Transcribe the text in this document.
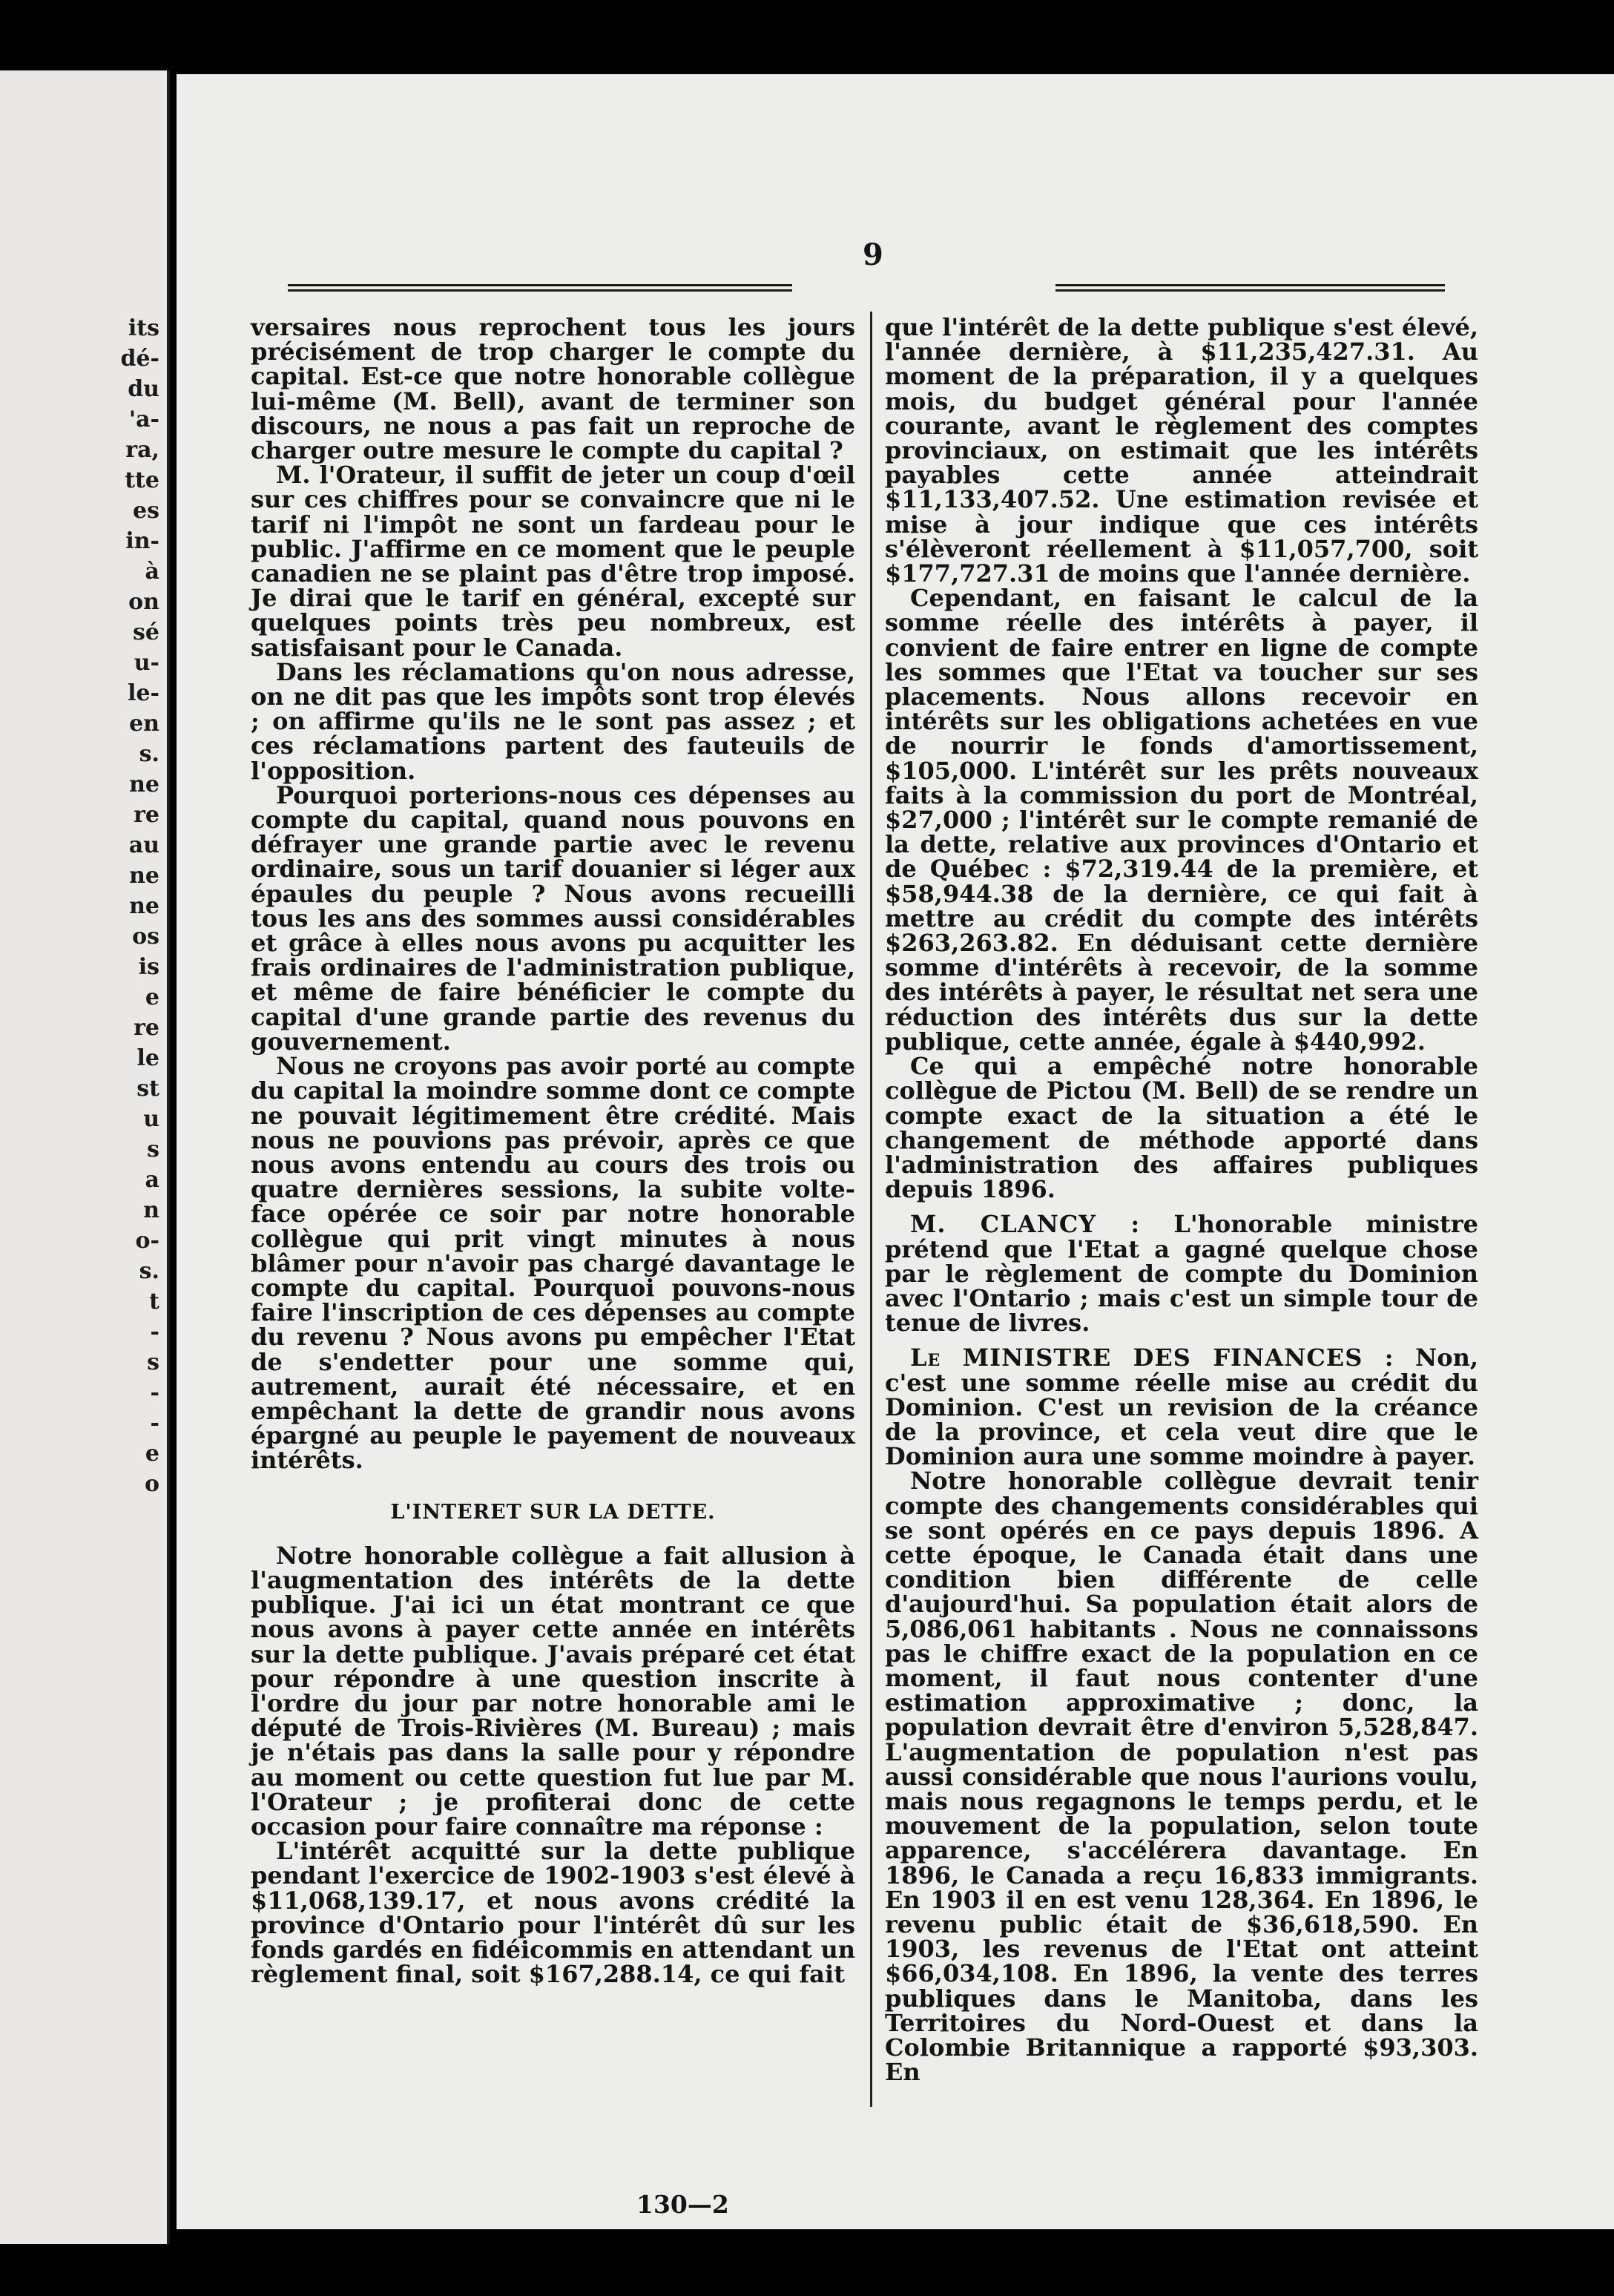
its
dé-
du
'a-
ra,
tte
es
in-
à
on
sé
u-
le-
en
s.
ne
re
au
ne
ne
os
is
e
re
le
st
u
s
a
n
o-
s.
t
-
s
-
-
e
o
9

versaires nous reprochent tous les jours précisément de trop charger le compte du capital. Est-ce que notre honorable collègue lui-même (M. Bell), avant de terminer son discours, ne nous a pas fait un reproche de charger outre mesure le compte du capital ?

M. l'Orateur, il suffit de jeter un coup d'œil sur ces chiffres pour se convaincre que ni le tarif ni l'impôt ne sont un fardeau pour le public. J'affirme en ce moment que le peuple canadien ne se plaint pas d'être trop imposé. Je dirai que le tarif en général, excepté sur quelques points très peu nombreux, est satisfaisant pour le Canada.

Dans les réclamations qu'on nous adresse, on ne dit pas que les impôts sont trop élevés ; on affirme qu'ils ne le sont pas assez ; et ces réclamations partent des fauteuils de l'opposition.

Pourquoi porterions-nous ces dépenses au compte du capital, quand nous pouvons en défrayer une grande partie avec le revenu ordinaire, sous un tarif douanier si léger aux épaules du peuple ? Nous avons recueilli tous les ans des sommes aussi considérables et grâce à elles nous avons pu acquitter les frais ordinaires de l'administration publique, et même de faire bénéficier le compte du capital d'une grande partie des revenus du gouvernement.

Nous ne croyons pas avoir porté au compte du capital la moindre somme dont ce compte ne pouvait légitimement être crédité. Mais nous ne pouvions pas prévoir, après ce que nous avons entendu au cours des trois ou quatre dernières sessions, la subite volte-face opérée ce soir par notre honorable collègue qui prit vingt minutes à nous blâmer pour n'avoir pas chargé davantage le compte du capital. Pourquoi pouvons-nous faire l'inscription de ces dépenses au compte du revenu ? Nous avons pu empêcher l'Etat de s'endetter pour une somme qui, autrement, aurait été nécessaire, et en empêchant la dette de grandir nous avons épargné au peuple le payement de nouveaux intérêts.

L'INTERET SUR LA DETTE.

Notre honorable collègue a fait allusion à l'augmentation des intérêts de la dette publique. J'ai ici un état montrant ce que nous avons à payer cette année en intérêts sur la dette publique. J'avais préparé cet état pour répondre à une question inscrite à l'ordre du jour par notre honorable ami le député de Trois-Rivières (M. Bureau) ; mais je n'étais pas dans la salle pour y répondre au moment ou cette question fut lue par M. l'Orateur ; je profiterai donc de cette occasion pour faire connaître ma réponse :

L'intérêt acquitté sur la dette publique pendant l'exercice de 1902-1903 s'est élevé à $11,068,139.17, et nous avons crédité la province d'Ontario pour l'intérêt dû sur les fonds gardés en fidéicommis en attendant un règlement final, soit $167,288.14, ce qui fait

que l'intérêt de la dette publique s'est élevé, l'année dernière, à $11,235,427.31. Au moment de la préparation, il y a quelques mois, du budget général pour l'année courante, avant le règlement des comptes provinciaux, on estimait que les intérêts payables cette année atteindrait $11,133,407.52. Une estimation revisée et mise à jour indique que ces intérêts s'élèveront réellement à $11,057,700, soit $177,727.31 de moins que l'année dernière.

Cependant, en faisant le calcul de la somme réelle des intérêts à payer, il convient de faire entrer en ligne de compte les sommes que l'Etat va toucher sur ses placements. Nous allons recevoir en intérêts sur les obligations achetées en vue de nourrir le fonds d'amortissement, $105,000. L'intérêt sur les prêts nouveaux faits à la commission du port de Montréal, $27,000 ; l'intérêt sur le compte remanié de la dette, relative aux provinces d'Ontario et de Québec : $72,319.44 de la première, et $58,944.38 de la dernière, ce qui fait à mettre au crédit du compte des intérêts $263,263.82. En déduisant cette dernière somme d'intérêts à recevoir, de la somme des intérêts à payer, le résultat net sera une réduction des intérêts dus sur la dette publique, cette année, égale à $440,992.

Ce qui a empêché notre honorable collègue de Pictou (M. Bell) de se rendre un compte exact de la situation a été le changement de méthode apporté dans l'administration des affaires publiques depuis 1896.

M. CLANCY : L'honorable ministre prétend que l'Etat a gagné quelque chose par le règlement de compte du Dominion avec l'Ontario ; mais c'est un simple tour de tenue de livres.

Le MINISTRE DES FINANCES : Non, c'est une somme réelle mise au crédit du Dominion. C'est un revision de la créance de la province, et cela veut dire que le Dominion aura une somme moindre à payer.

Notre honorable collègue devrait tenir compte des changements considérables qui se sont opérés en ce pays depuis 1896. A cette époque, le Canada était dans une condition bien différente de celle d'aujourd'hui. Sa population était alors de 5,086,061 habitants . Nous ne connaissons pas le chiffre exact de la population en ce moment, il faut nous contenter d'une estimation approximative ; donc, la population devrait être d'environ 5,528,847. L'augmentation de population n'est pas aussi considérable que nous l'aurions voulu, mais nous regagnons le temps perdu, et le mouvement de la population, selon toute apparence, s'accélérera davantage. En 1896, le Canada a reçu 16,833 immigrants. En 1903 il en est venu 128,364. En 1896, le revenu public était de $36,618,590. En 1903, les revenus de l'Etat ont atteint $66,034,108. En 1896, la vente des terres publiques dans le Manitoba, dans les Territoires du Nord-Ouest et dans la Colombie Britannique a rapporté $93,303. En

130—2
